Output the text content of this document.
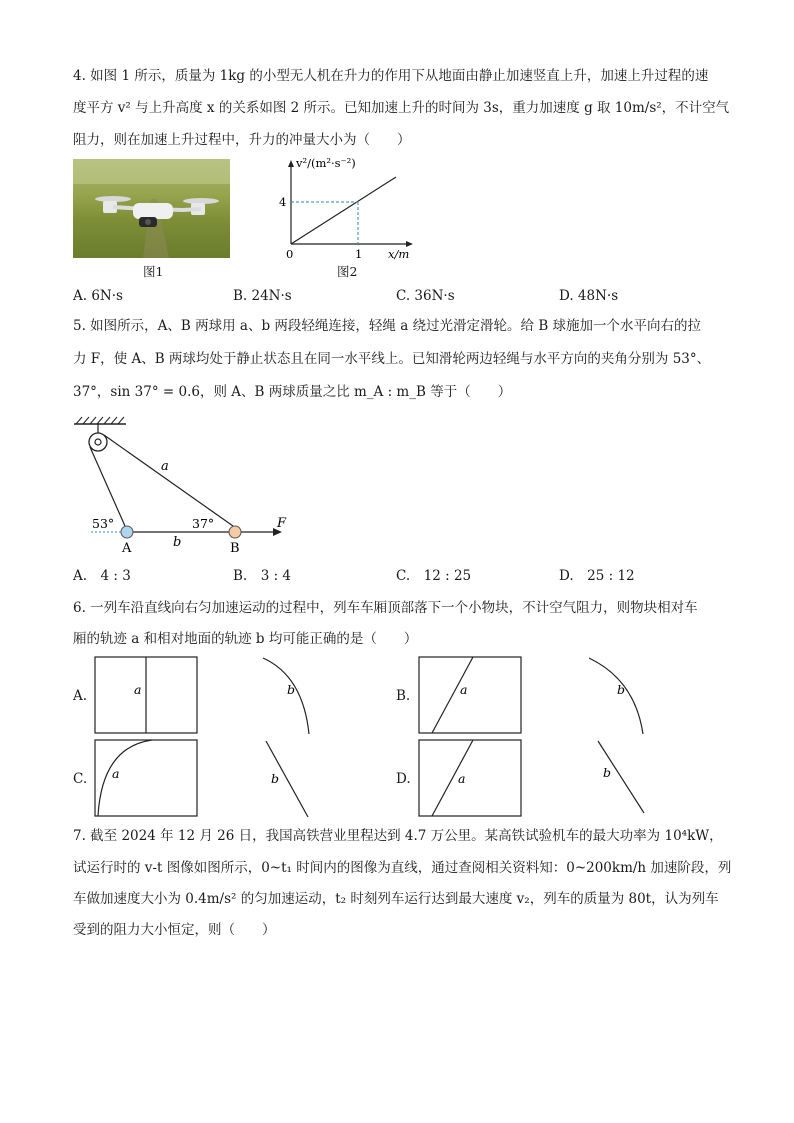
4. 如图 1 所示，质量为 1kg 的小型无人机在升力的作用下从地面由静止加速竖直上升，加速上升过程的速
度平方 v² 与上升高度 x 的关系如图 2 所示。已知加速上升的时间为 3s，重力加速度 g 取 10m/s²，不计空气
阻力，则在加速上升过程中，升力的冲量大小为（　　）
图1
v²/(m²·s⁻²)
x/m
0	1
4
图2
A. 6N·s	B. 24N·s	C. 36N·s	D. 48N·s
5. 如图所示，A、B 两球用 a、b 两段轻绳连接，轻绳 a 绕过光滑定滑轮。给 B 球施加一个水平向右的拉
力 F，使 A、B 两球均处于静止状态且在同一水平线上。已知滑轮两边轻绳与水平方向的夹角分别为 53°、
37°，sin 37° = 0.6，则 A、B 两球质量之比 m_A : m_B 等于（　　）
a
b
53°	37°
A	B
F
A.　4 : 3	B.　3 : 4	C.　12 : 25	D.　25 : 12
6. 一列车沿直线向右匀加速运动的过程中，列车车厢顶部落下一个小物块，不计空气阻力，则物块相对车
厢的轨迹 a 和相对地面的轨迹 b 均可能正确的是（　　）
A.	a	b	B.	a	b
C. a	b	D.	a	b
7. 截至 2024 年 12 月 26 日，我国高铁营业里程达到 4.7 万公里。某高铁试验机车的最大功率为 10⁴kW，
试运行时的 v-t 图像如图所示，0~t₁ 时间内的图像为直线，通过查阅相关资料知：0~200km/h 加速阶段，列
车做加速度大小为 0.4m/s² 的匀加速运动，t₂ 时刻列车运行达到最大速度 v₂，列车的质量为 80t，认为列车
受到的阻力大小恒定，则（　　）
